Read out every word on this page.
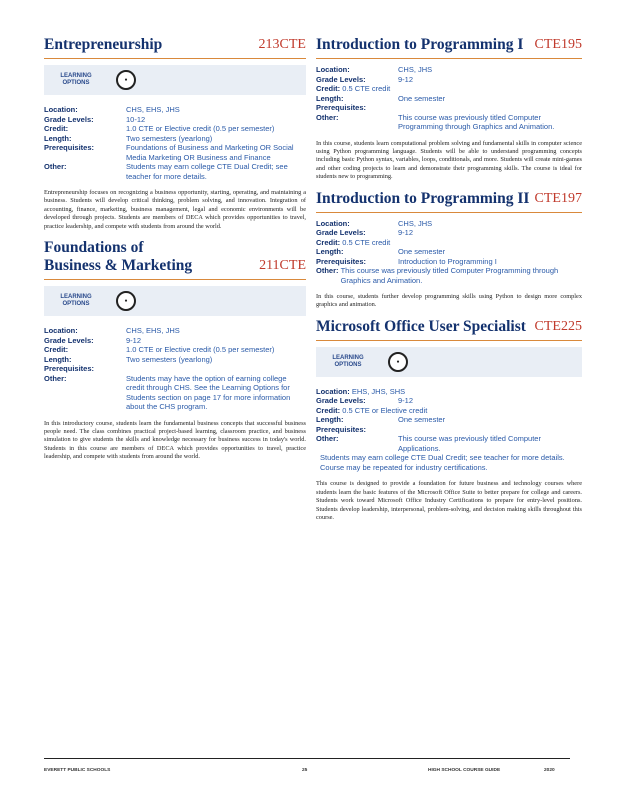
Entrepreneurship	213CTE
LEARNING OPTIONS	●
Location:	CHS, EHS, JHS
Grade Levels:	10-12
Credit:	1.0 CTE or Elective credit (0.5 per semester)
Length:	Two semesters (yearlong)
Prerequisites:	Foundations of Business and Marketing OR Social Media Marketing OR Business and Finance
Other:	Students may earn college CTE Dual Credit; see teacher for more details.
Entrepreneurship focuses on recognizing a business opportunity, starting, operating, and maintaining a business. Students will develop critical thinking, problem solving, and innovation. Integration of accounting, finance, marketing, business management, legal and economic environments will be developed through projects. Students are members of DECA which provides opportunities to travel, practice leadership, and compete with students from around the world.
Foundations of
Business & Marketing	211CTE
LEARNING OPTIONS	●
Location:	CHS, EHS, JHS
Grade Levels:	9-12
Credit:	1.0 CTE or Elective credit (0.5 per semester)
Length:	Two semesters (yearlong)
Prerequisites:
Other:	Students may have the option of earning college credit through CHS. See the Learning Options for Students section on page 17 for more information about the CHS program.
In this introductory course, students learn the fundamental business concepts that successful business people need. The class combines practical project-based learning, classroom practice, and business simulation to give students the skills and knowledge necessary for business success in today's world. Students in this course are members of DECA which provides opportunities to travel, practice leadership, and compete with students from around the world.
Introduction to Programming I CTE195
Location:	CHS, JHS
Grade Levels:	9-12
Credit:
0.5 CTE credit
Length:	One semester
Prerequisites:
Other:	This course was previously titled Computer Programming through Graphics and Animation.
In this course, students learn computational problem solving and fundamental skills in computer science using Python programming language. Students will be able to understand programming concepts including basic Python syntax, variables, loops, conditionals, and more. Students will create mini-games and other coding projects to learn and demonstrate their programming skills. The course is ideal for students new to programming.
Introduction to Programming II CTE197
Location:	CHS, JHS
Grade Levels:	9-12
Credit:
0.5 CTE credit
Length:	One semester
Prerequisites:	Introduction to Programming I
Other:
This course was previously titled Computer Programming through Graphics and Animation.
In this course, students further develop programming skills using Python to design more complex graphics and animation.
Microsoft Office User Specialist CTE225
LEARNING OPTIONS	●
Location:
EHS, JHS, SHS
Grade Levels:	9-12
Credit:
0.5 CTE or Elective credit
Length:	One semester
Prerequisites:
Other:	This course was previously titled Computer Applications.
Students may earn college CTE Dual Credit; see teacher for more details.
Course may be repeated for industry certifications.
This course is designed to provide a foundation for future business and technology courses where students learn the basic features of the Microsoft Office Suite to better prepare for college and careers. Students work toward Microsoft Office Industry Certifications to prepare for entry-level positions. Students develop leadership, interpersonal, problem-solving, and decision making skills throughout this course.
EVERETT PUBLIC SCHOOLS	25	HIGH SCHOOL COURSE GUIDE	2020
